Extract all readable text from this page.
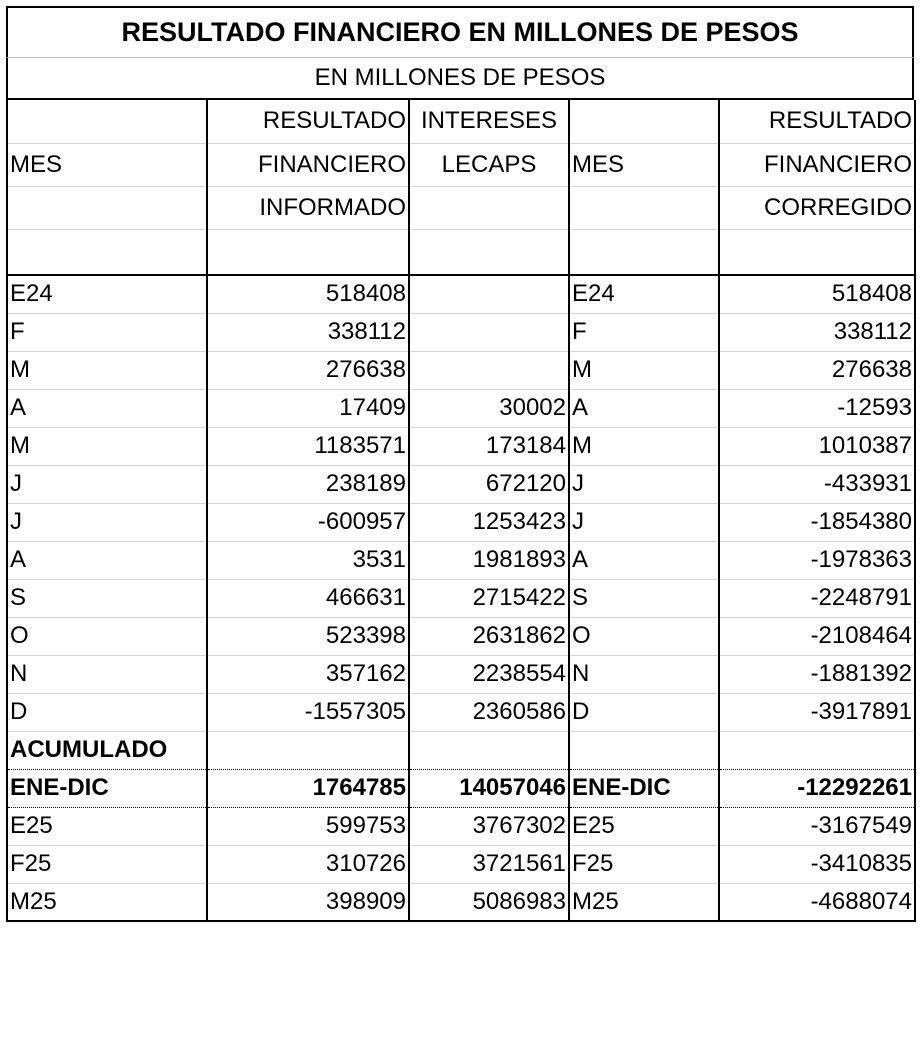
RESULTADO FINANCIERO EN MILLONES DE PESOS
EN MILLONES DE PESOS
	RESULTADO	INTERESES		RESULTADO
MES	FINANCIERO	LECAPS	MES	FINANCIERO
	INFORMADO			CORREGIDO

E24	518408		E24	518408
F	338112		F	338112
M	276638		M	276638
A	17409	30002	A	-12593
M	1183571	173184	M	1010387
J	238189	672120	J	-433931
J	-600957	1253423	J	-1854380
A	3531	1981893	A	-1978363
S	466631	2715422	S	-2248791
O	523398	2631862	O	-2108464
N	357162	2238554	N	-1881392
D	-1557305	2360586	D	-3917891
ACUMULADO				
ENE-DIC	1764785	14057046	ENE-DIC	-12292261
E25	599753	3767302	E25	-3167549
F25	310726	3721561	F25	-3410835
M25	398909	5086983	M25	-4688074
